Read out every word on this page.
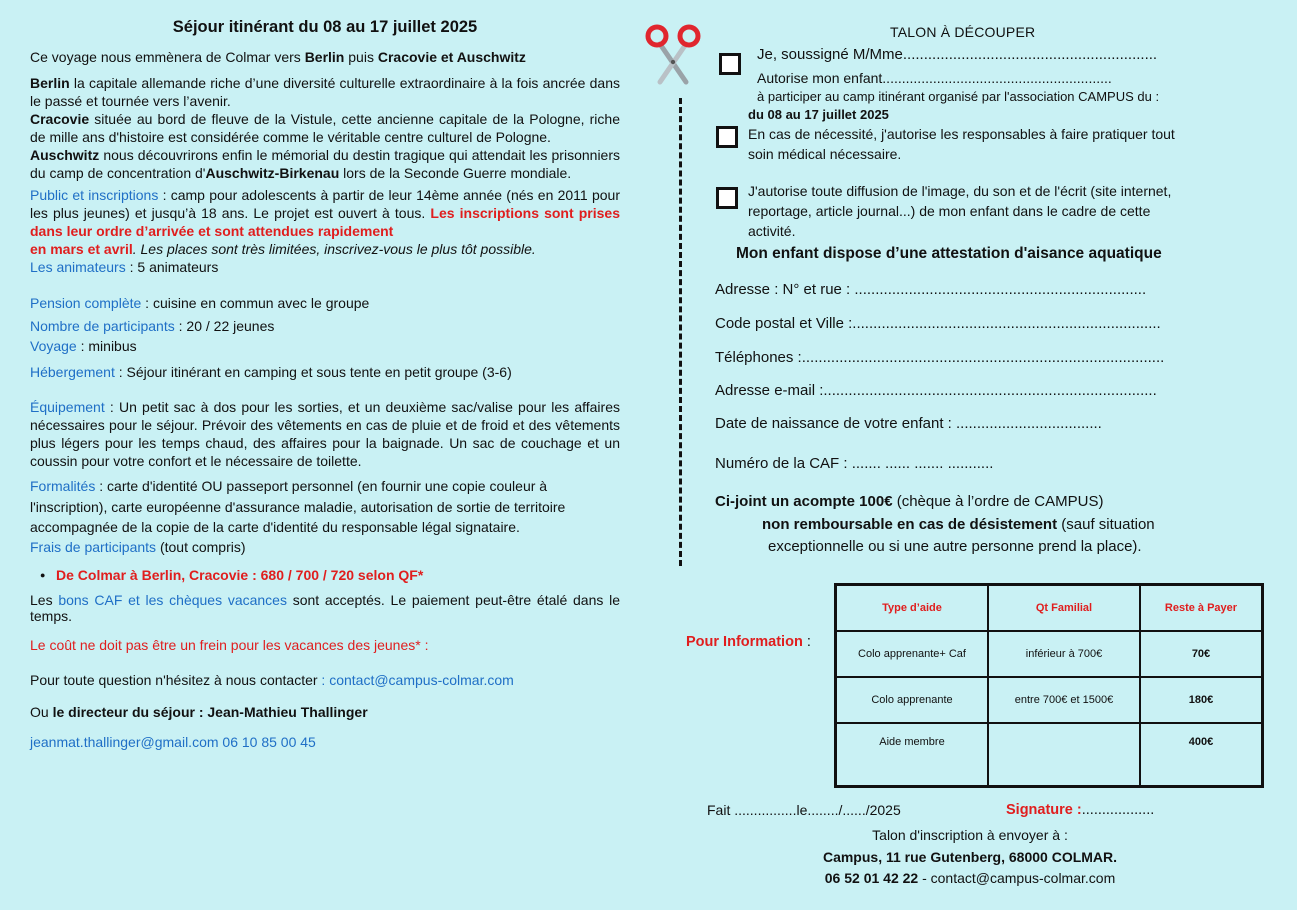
Séjour itinérant du 08 au 17 juillet 2025

Ce voyage nous emmènera de Colmar vers Berlin puis Cracovie et Auschwitz

Berlin la capitale allemande riche d’une diversité culturelle extraordinaire à la fois ancrée dans le passé et tournée vers l’avenir.

Cracovie située au bord de fleuve de la Vistule, cette ancienne capitale de la Pologne, riche de mille ans d'histoire est considérée comme le véritable centre culturel de Pologne.

Auschwitz nous découvrirons enfin le mémorial du destin tragique qui attendait les prisonniers du camp de concentration d'Auschwitz-Birkenau lors de la Seconde Guerre mondiale.

Public et inscriptions : camp pour adolescents à partir de leur 14ème année (nés en 2011 pour les plus jeunes) et jusqu’à 18 ans. Le projet est ouvert à tous. Les inscriptions sont prises dans leur ordre d’arrivée et sont attendues rapidement
en mars et avril. Les places sont très limitées, inscrivez-vous le plus tôt possible.

Les animateurs : 5 animateurs

Pension complète : cuisine en commun avec le groupe

Nombre de participants : 20 / 22 jeunes

Voyage : minibus

Hébergement : Séjour itinérant en camping et sous tente en petit groupe (3-6)

Équipement : Un petit sac à dos pour les sorties, et un deuxième sac/valise pour les affaires nécessaires pour le séjour. Prévoir des vêtements en cas de pluie et de froid et des vêtements plus légers pour les temps chaud, des affaires pour la baignade. Un sac de couchage et un coussin pour votre confort et le nécessaire de toilette.

Formalités : carte d'identité OU passeport personnel (en fournir une copie couleur à l'inscription), carte européenne d'assurance maladie, autorisation de sortie de territoire accompagnée de la copie de la carte d'identité du responsable légal signataire.

Frais de participants (tout compris)

● De Colmar à Berlin, Cracovie : 680 / 700 / 720 selon QF*

Les bons CAF et les chèques vacances sont acceptés. Le paiement peut-être étalé dans le temps.

Le coût ne doit pas être un frein pour les vacances des jeunes* :

Pour toute question n'hésitez à nous contacter : contact@campus-colmar.com

Ou le directeur du séjour : Jean-Mathieu Thallinger

jeanmat.thallinger@gmail.com 06 10 85 00 45

TALON À DÉCOUPER
Je, soussigné M/Mme.............................................................
Autorise mon enfant...........................................................
à participer au camp itinérant organisé par l'association CAMPUS du :
du 08 au 17 juillet 2025
En cas de nécessité, j'autorise les responsables à faire pratiquer tout
soin médical nécessaire.
J'autorise toute diffusion de l'image, du son et de l'écrit (site internet,
reportage, article journal...) de mon enfant dans le cadre de cette
activité.
Mon enfant dispose d’une attestation d'aisance aquatique
Adresse : N° et rue : ......................................................................
Code postal et Ville :..........................................................................
Téléphones :.......................................................................................
Adresse e-mail :................................................................................
Date de naissance de votre enfant : ...................................
Numéro de la CAF : ....... ...... ....... ...........
Ci-joint un acompte 100€ (chèque à l’ordre de CAMPUS)
non remboursable en cas de désistement (sauf situation
exceptionnelle ou si une autre personne prend la place).
Pour Information :
Type d’aide	Qt Familial	Reste à Payer
Colo apprenante+ Caf	inférieur à 700€	70€
Colo apprenante	entre 700€ et 1500€	180€
Aide membre		400€
Fait ................le......../....../2025	Signature :..................
Talon d'inscription à envoyer à :
Campus, 11 rue Gutenberg, 68000 COLMAR.
06 52 01 42 22 - contact@campus-colmar.com
